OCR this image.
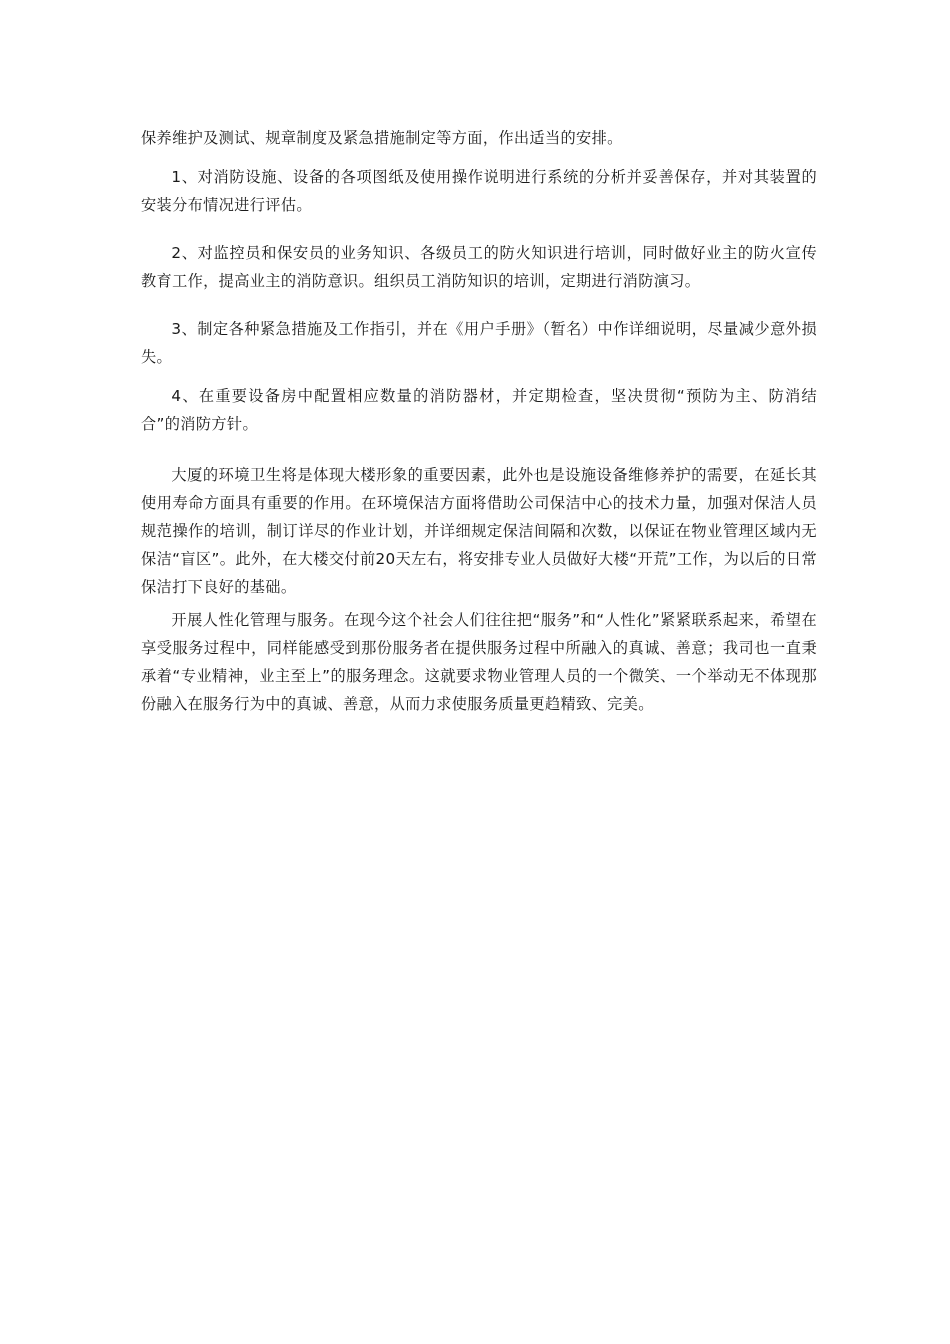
保养维护及测试、规章制度及紧急措施制定等方面，作出适当的安排。

1、对消防设施、设备的各项图纸及使用操作说明进行系统的分析并妥善保存，并对其装置的安装分布情况进行评估。

2、对监控员和保安员的业务知识、各级员工的防火知识进行培训，同时做好业主的防火宣传教育工作，提高业主的消防意识。组织员工消防知识的培训，定期进行消防演习。

3、制定各种紧急措施及工作指引，并在《用户手册》（暂名）中作详细说明，尽量减少意外损失。

4、在重要设备房中配置相应数量的消防器材，并定期检查，坚决贯彻“预防为主、防消结合”的消防方针。

大厦的环境卫生将是体现大楼形象的重要因素，此外也是设施设备维修养护的需要，在延长其使用寿命方面具有重要的作用。在环境保洁方面将借助公司保洁中心的技术力量，加强对保洁人员规范操作的培训，制订详尽的作业计划，并详细规定保洁间隔和次数，以保证在物业管理区域内无保洁“盲区”。此外，在大楼交付前20天左右，将安排专业人员做好大楼“开荒”工作，为以后的日常保洁打下良好的基础。

开展人性化管理与服务。在现今这个社会人们往往把“服务”和“人性化”紧紧联系起来，希望在享受服务过程中，同样能感受到那份服务者在提供服务过程中所融入的真诚、善意；我司也一直秉承着“专业精神，业主至上”的服务理念。这就要求物业管理人员的一个微笑、一个举动无不体现那份融入在服务行为中的真诚、善意，从而力求使服务质量更趋精致、完美。
